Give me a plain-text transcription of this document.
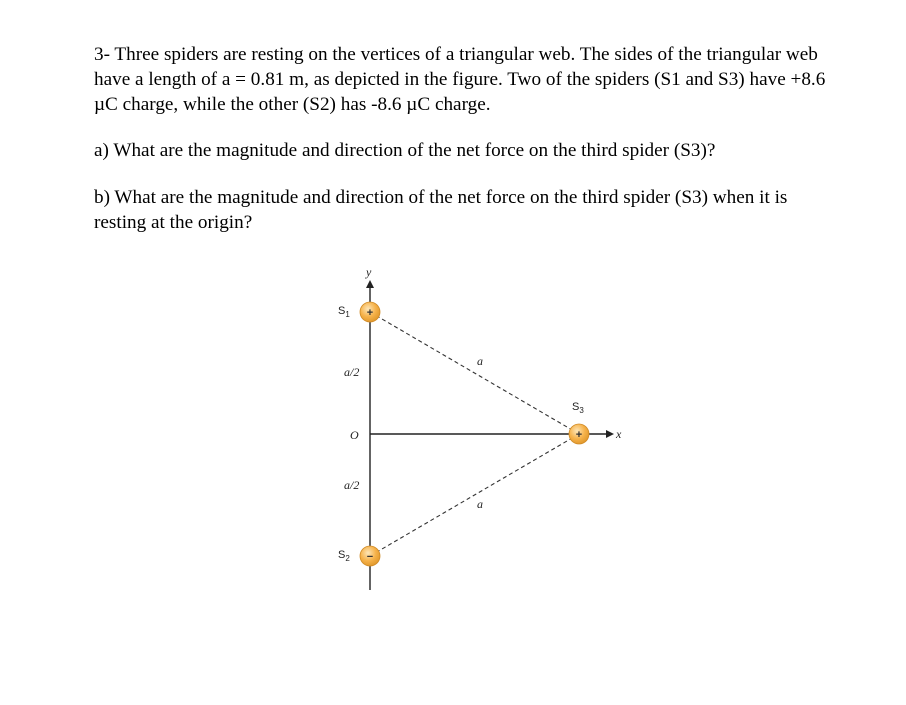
3- Three spiders are resting on the vertices of a triangular web. The sides of the triangular web have a length of a = 0.81 m, as depicted in the figure. Two of the spiders (S1 and S3) have +8.6 µC charge, while the other (S2) has -8.6 µC charge.

a) What are the magnitude and direction of the net force on the third spider (S3)?

b) What are the magnitude and direction of the net force on the third spider (S3) when it is resting at the origin?

y
x
a
a
a/2
a/2
O
+
$S_1$
−
$S_2$
+
$S_3$
